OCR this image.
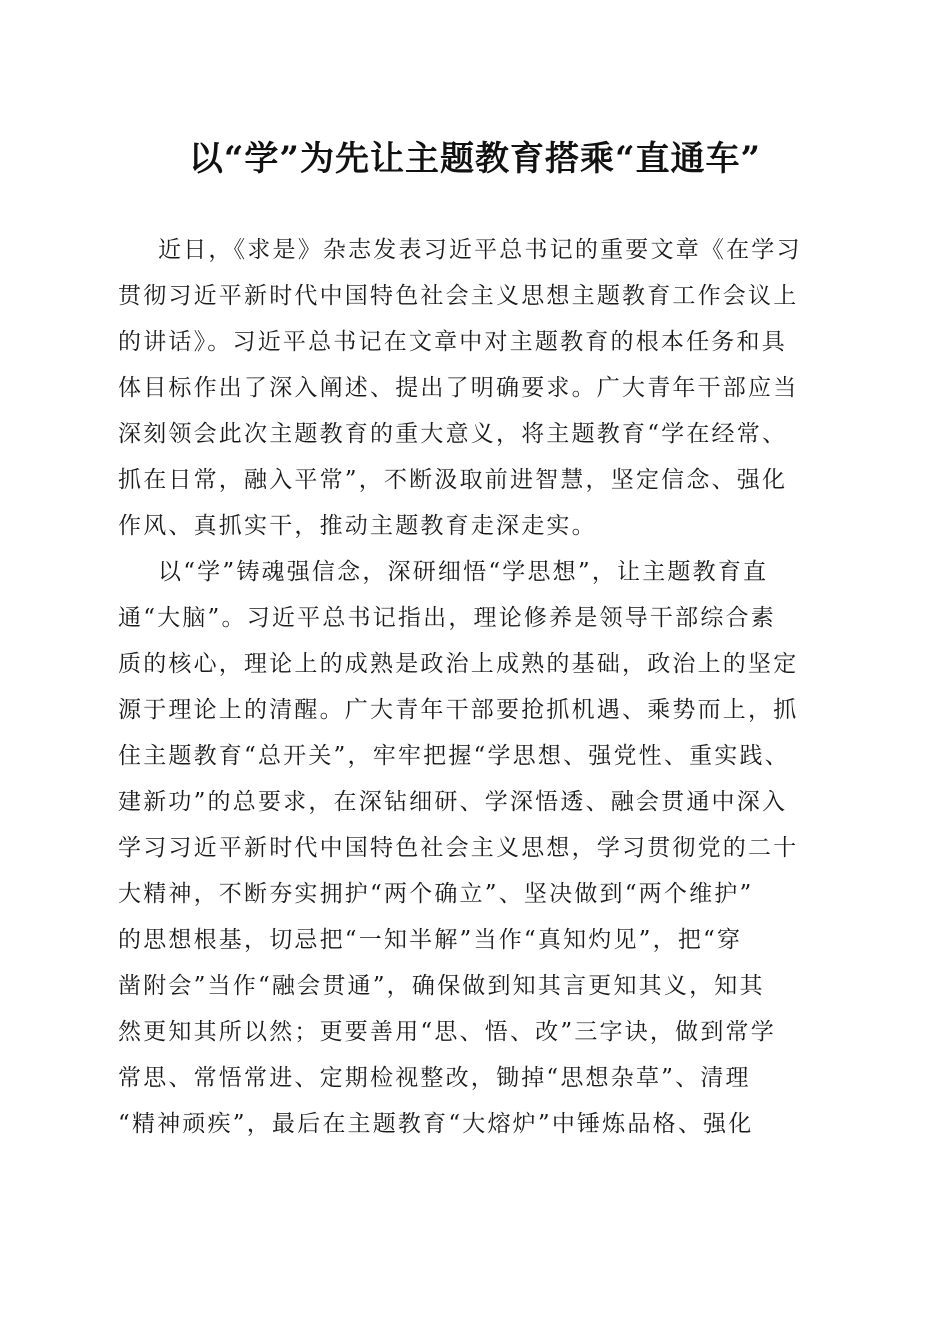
以“学”为先让主题教育搭乘“直通车”
近日，《求是》杂志发表习近平总书记的重要文章《在学习
贯彻习近平新时代中国特色社会主义思想主题教育工作会议上
的讲话》。习近平总书记在文章中对主题教育的根本任务和具
体目标作出了深入阐述、提出了明确要求。广大青年干部应当
深刻领会此次主题教育的重大意义，将主题教育“学在经常、
抓在日常，融入平常”，不断汲取前进智慧，坚定信念、强化
作风、真抓实干，推动主题教育走深走实。
以“学”铸魂强信念，深研细悟“学思想”，让主题教育直
通“大脑”。习近平总书记指出，理论修养是领导干部综合素
质的核心，理论上的成熟是政治上成熟的基础，政治上的坚定
源于理论上的清醒。广大青年干部要抢抓机遇、乘势而上，抓
住主题教育“总开关”，牢牢把握“学思想、强党性、重实践、
建新功”的总要求，在深钻细研、学深悟透、融会贯通中深入
学习习近平新时代中国特色社会主义思想，学习贯彻党的二十
大精神，不断夯实拥护“两个确立”、坚决做到“两个维护”
的思想根基，切忌把“一知半解”当作“真知灼见”，把“穿
凿附会”当作“融会贯通”，确保做到知其言更知其义，知其
然更知其所以然；更要善用“思、悟、改”三字诀，做到常学
常思、常悟常进、定期检视整改，锄掉“思想杂草”、清理
“精神顽疾”，最后在主题教育“大熔炉”中锤炼品格、强化
